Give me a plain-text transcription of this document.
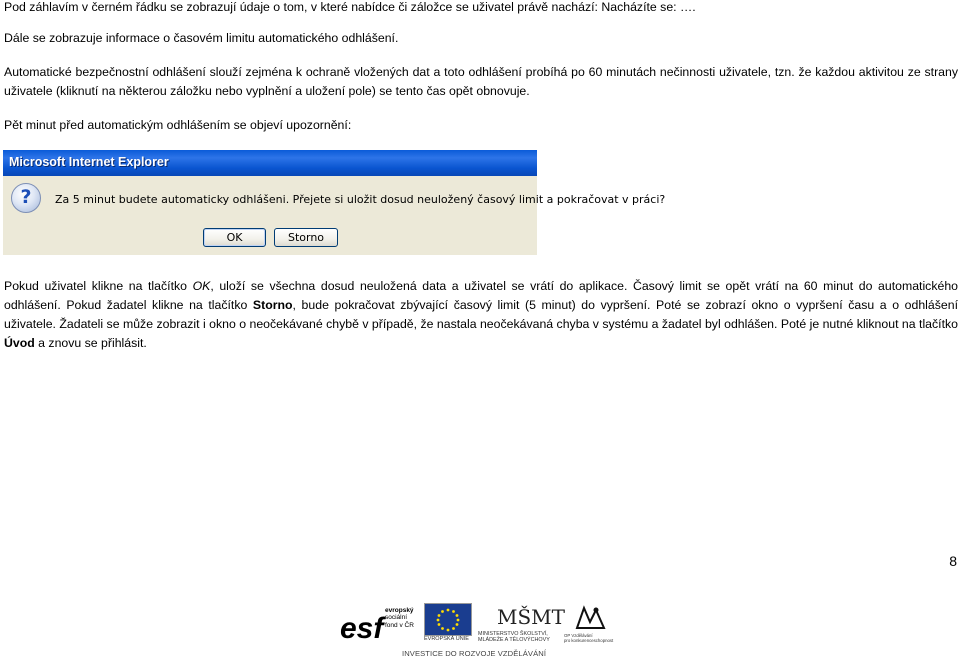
Pod záhlavím v černém řádku se zobrazují údaje o tom, v které nabídce či záložce se uživatel právě nachází: Nacházíte se: ….

Dále se zobrazuje informace o časovém limitu automatického odhlášení.

Automatické bezpečnostní odhlášení slouží zejména k ochraně vložených dat a toto odhlášení probíhá po 60 minutách nečinnosti uživatele, tzn. že každou aktivitou ze strany uživatele (kliknutí na některou záložku nebo vyplnění a uložení pole) se tento čas opět obnovuje.

Pět minut před automatickým odhlášením se objeví upozornění:

Microsoft Internet Explorer
?	Za 5 minut budete automaticky odhlášeni. Přejete si uložit dosud neuložený časový limit a pokračovat v práci?
OK	Storno

Pokud uživatel klikne na tlačítko OK, uloží se všechna dosud neuložená data a uživatel se vrátí do aplikace. Časový limit se opět vrátí na 60 minut do automatického odhlášení. Pokud žadatel klikne na tlačítko Storno, bude pokračovat zbývající časový limit (5 minut) do vypršení. Poté se zobrazí okno o vypršení času a o odhlášení uživatele. Žadateli se může zobrazit i okno o neočekávané chybě v případě, že nastala neočekávaná chyba v systému a žadatel byl odhlášen. Poté je nutné kliknout na tlačítko Úvod a znovu se přihlásit.

8
esf
evropský
sociální
fond v ČR
EVROPSKÁ UNIE
MŠMT
MINISTERSTVO ŠKOLSTVÍ,
MLÁDEŽE A TĚLOVÝCHOVY
OP Vzdělávání
pro konkurenceschopnost
INVESTICE DO ROZVOJE VZDĚLÁVÁNÍ
